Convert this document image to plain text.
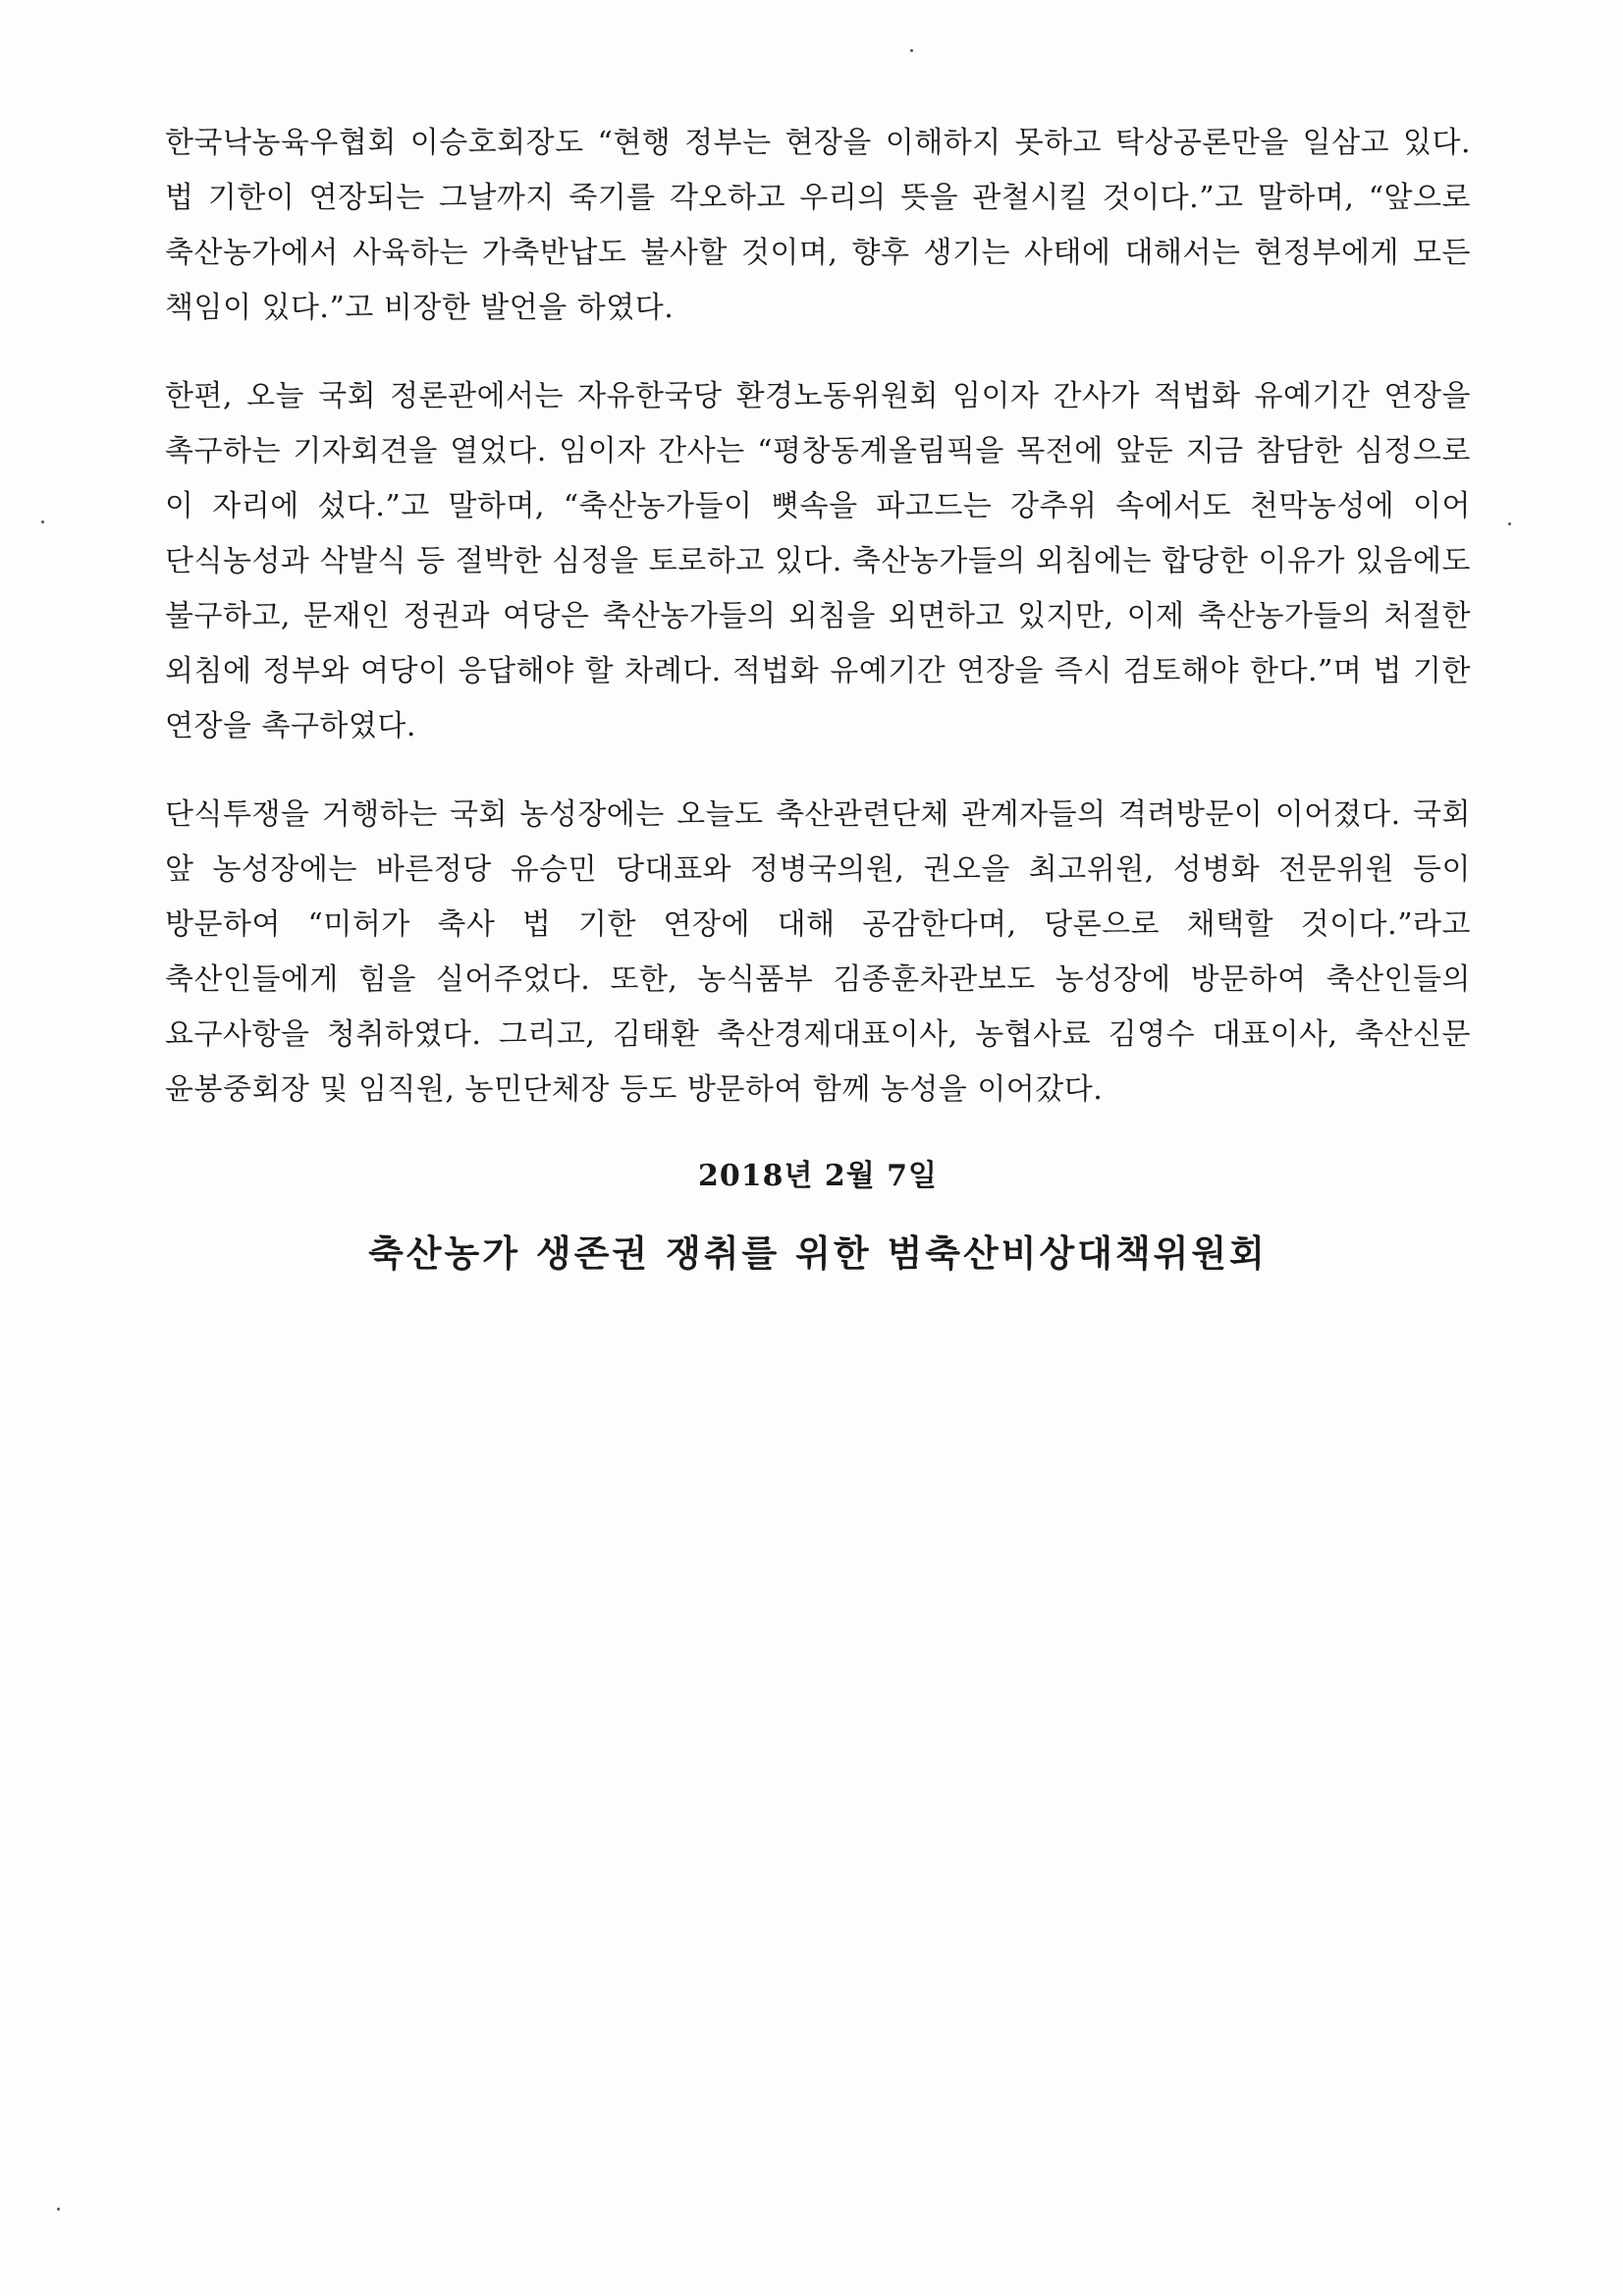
한국낙농육우협회 이승호회장도 “현행 정부는 현장을 이해하지 못하고 탁상공론만을 일삼고 있다. 법 기한이 연장되는 그날까지 죽기를 각오하고 우리의 뜻을 관철시킬 것이다.”고 말하며, “앞으로 축산농가에서 사육하는 가축반납도 불사할 것이며, 향후 생기는 사태에 대해서는 현정부에게 모든 책임이 있다.”고 비장한 발언을 하였다.

한편, 오늘 국회 정론관에서는 자유한국당 환경노동위원회 임이자 간사가 적법화 유예기간 연장을 촉구하는 기자회견을 열었다. 임이자 간사는 “평창동계올림픽을 목전에 앞둔 지금 참담한 심정으로 이 자리에 섰다.”고 말하며, “축산농가들이 뼛속을 파고드는 강추위 속에서도 천막농성에 이어 단식농성과 삭발식 등 절박한 심정을 토로하고 있다. 축산농가들의 외침에는 합당한 이유가 있음에도 불구하고, 문재인 정권과 여당은 축산농가들의 외침을 외면하고 있지만, 이제 축산농가들의 처절한 외침에 정부와 여당이 응답해야 할 차례다. 적법화 유예기간 연장을 즉시 검토해야 한다.”며 법 기한 연장을 촉구하였다.

단식투쟁을 거행하는 국회 농성장에는 오늘도 축산관련단체 관계자들의 격려방문이 이어졌다. 국회 앞 농성장에는 바른정당 유승민 당대표와 정병국의원, 권오을 최고위원, 성병화 전문위원 등이 방문하여 “미허가 축사 법 기한 연장에 대해 공감한다며, 당론으로 채택할 것이다.”라고 축산인들에게 힘을 실어주었다. 또한, 농식품부 김종훈차관보도 농성장에 방문하여 축산인들의 요구사항을 청취하였다. 그리고, 김태환 축산경제대표이사, 농협사료 김영수 대표이사, 축산신문 윤봉중회장 및 임직원, 농민단체장 등도 방문하여 함께 농성을 이어갔다.

2018년 2월 7일

축산농가 생존권 쟁취를 위한 범축산비상대책위원회
